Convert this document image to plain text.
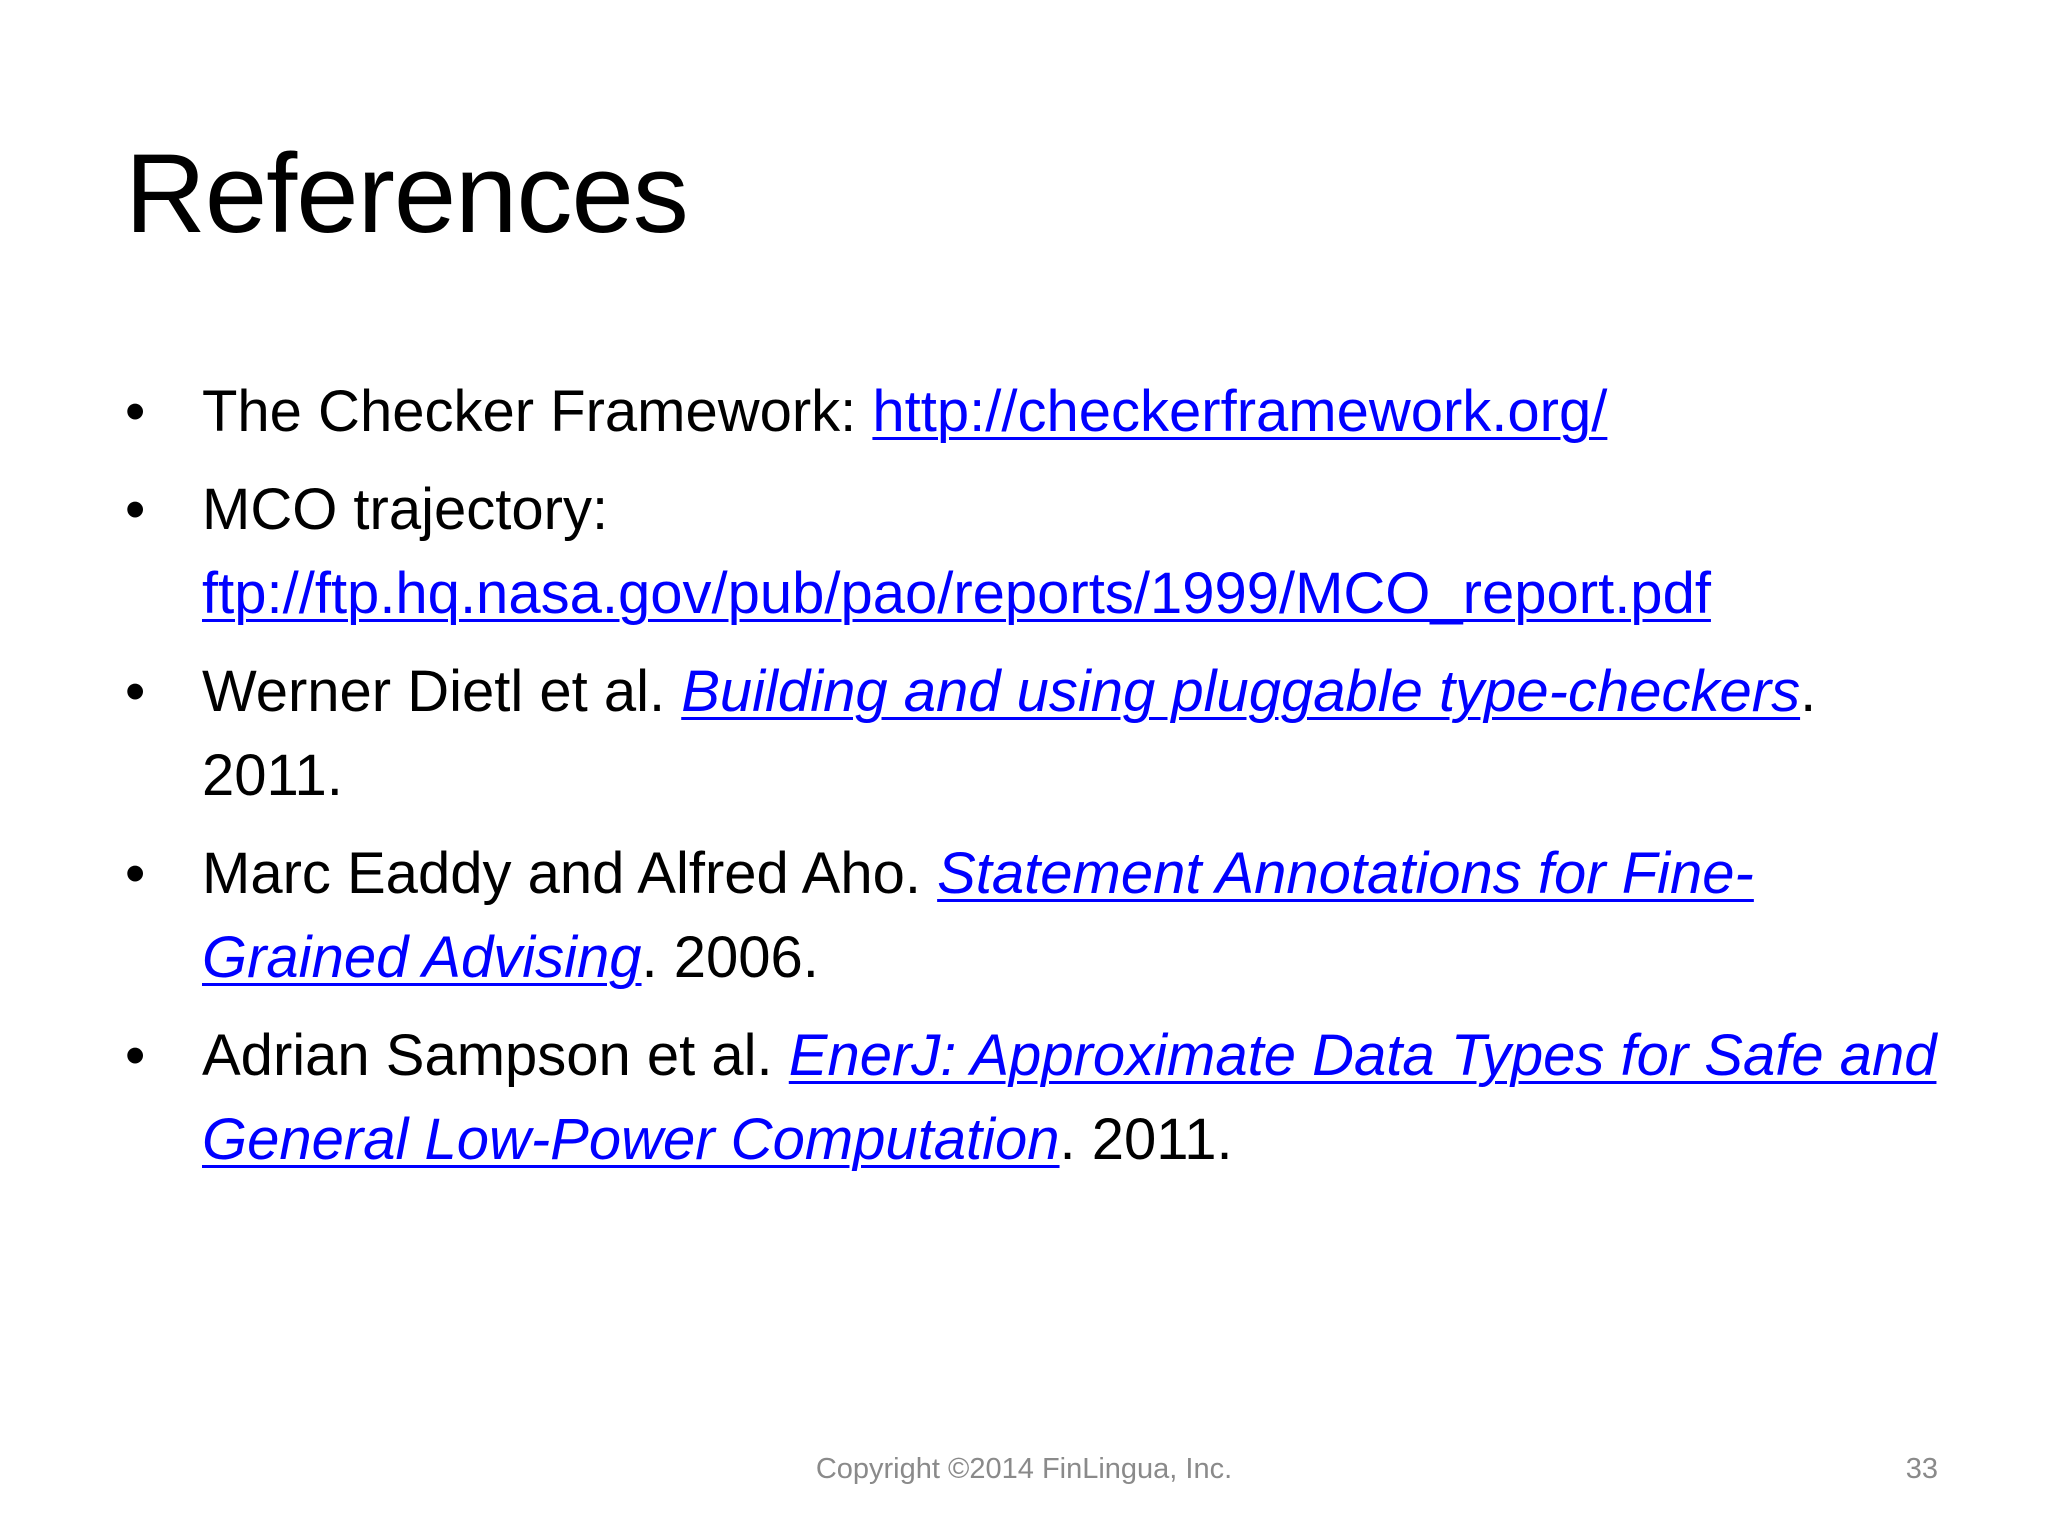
References
• The Checker Framework: http://checkerframework.org/
• MCO trajectory:
ftp://ftp.hq.nasa.gov/pub/pao/reports/1999/MCO_report.pdf
• Werner Dietl et al. Building and using pluggable type-checkers. 2011.
• Marc Eaddy and Alfred Aho. Statement Annotations for Fine-Grained Advising. 2006.
• Adrian Sampson et al. EnerJ: Approximate Data Types for Safe and General Low-Power Computation. 2011.
Copyright ©2014 FinLingua, Inc.	33
